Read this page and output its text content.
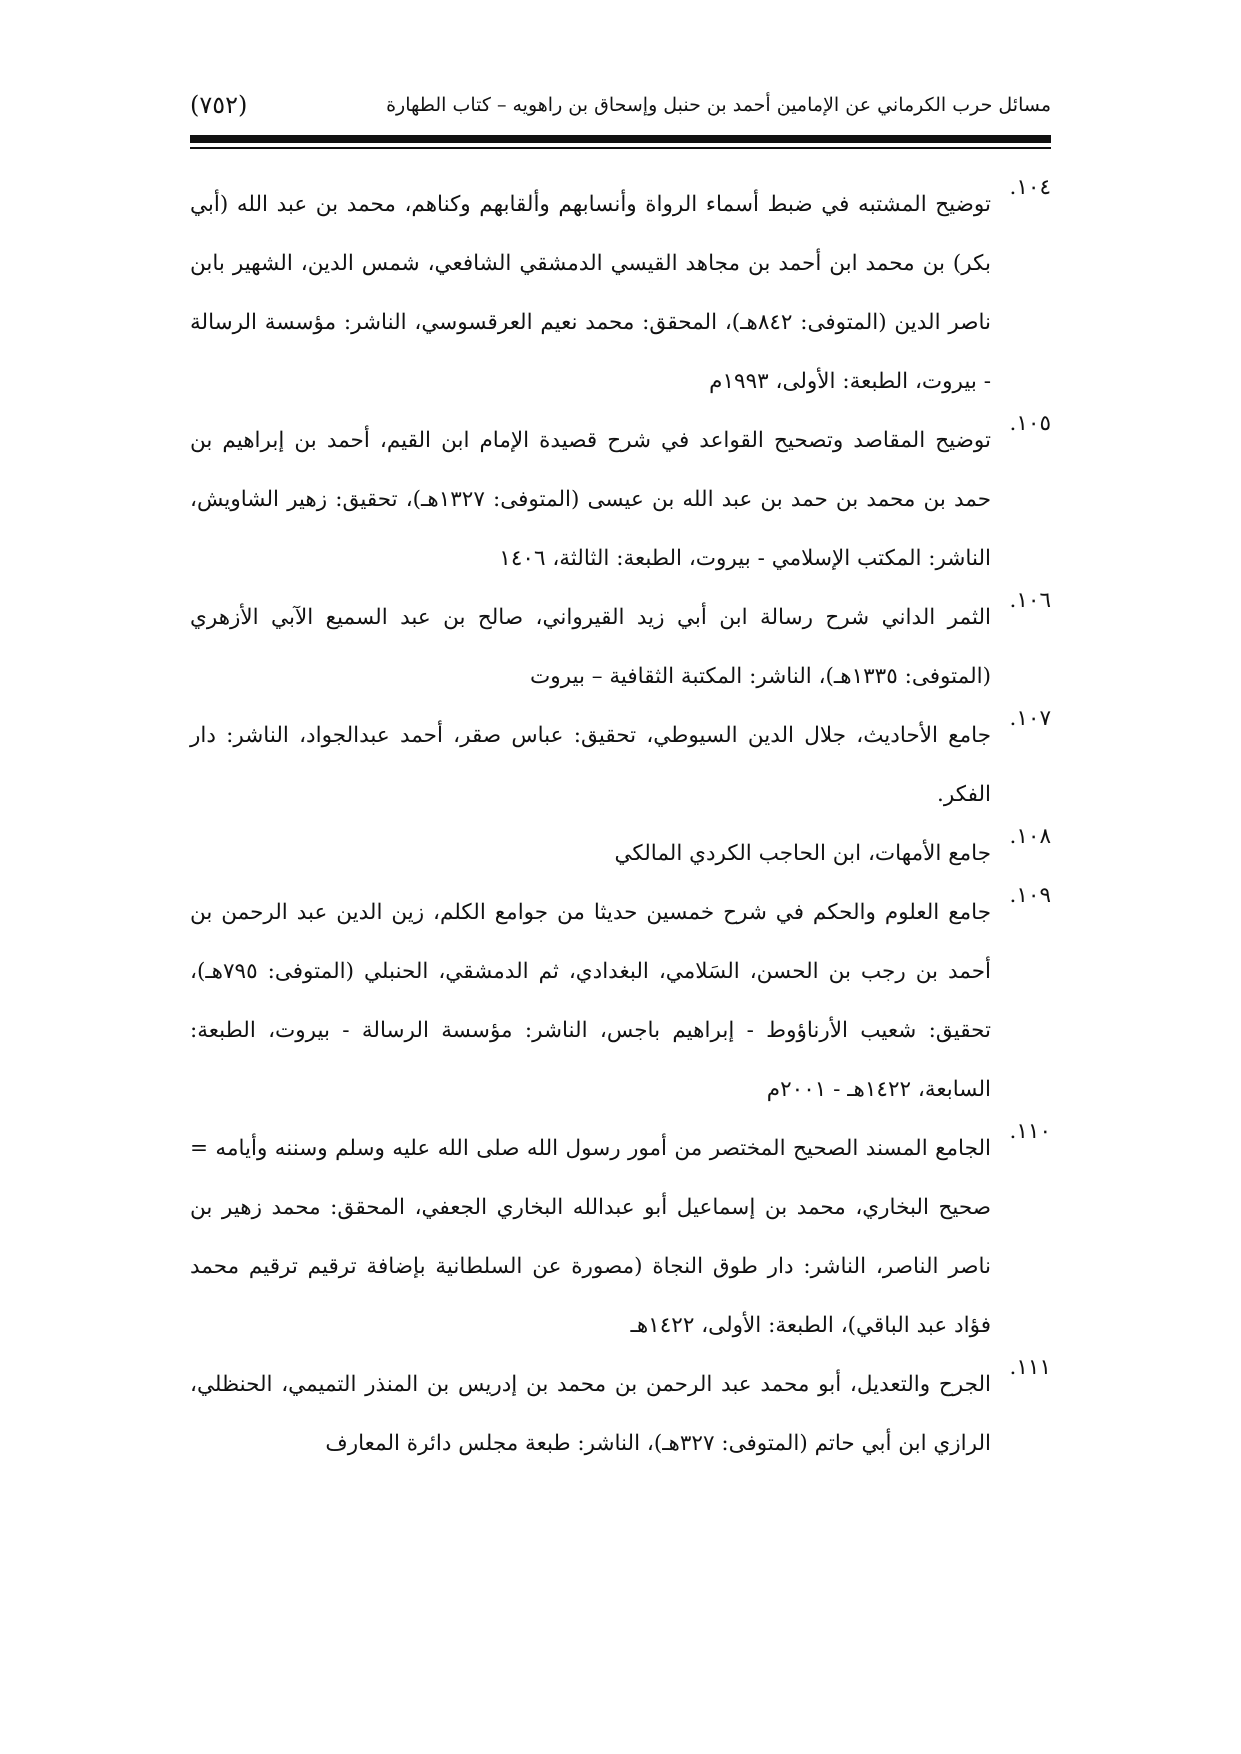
مسائل حرب الكرماني عن الإمامين أحمد بن حنبل وإسحاق بن راهويه – كتاب الطهارة
(٧٥٢)
١٠٤.
توضيح المشتبه في ضبط أسماء الرواة وأنسابهم وألقابهم وكناهم، محمد بن عبد الله (أبي بكر) بن محمد ابن أحمد بن مجاهد القيسي الدمشقي الشافعي، شمس الدين، الشهير بابن ناصر الدين (المتوفى: ٨٤٢هـ)، المحقق: محمد نعيم العرقسوسي، الناشر: مؤسسة الرسالة - بيروت، الطبعة: الأولى، ١٩٩٣م
١٠٥.
توضيح المقاصد وتصحيح القواعد في شرح قصيدة الإمام ابن القيم، أحمد بن إبراهيم بن حمد بن محمد بن حمد بن عبد الله بن عيسى (المتوفى: ١٣٢٧هـ)، تحقيق: زهير الشاويش، الناشر: المكتب الإسلامي - بيروت، الطبعة: الثالثة، ١٤٠٦
١٠٦.
الثمر الداني شرح رسالة ابن أبي زيد القيرواني، صالح بن عبد السميع الآبي الأزهري (المتوفى: ١٣٣٥هـ)، الناشر: المكتبة الثقافية – بيروت
١٠٧.
جامع الأحاديث، جلال الدين السيوطي، تحقيق: عباس صقر، أحمد عبدالجواد، الناشر: دار الفكر.
١٠٨.
جامع الأمهات، ابن الحاجب الكردي المالكي
١٠٩.
جامع العلوم والحكم في شرح خمسين حديثا من جوامع الكلم، زين الدين عبد الرحمن بن أحمد بن رجب بن الحسن، السَلامي، البغدادي، ثم الدمشقي، الحنبلي (المتوفى: ٧٩٥هـ)، تحقيق: شعيب الأرناؤوط - إبراهيم باجس، الناشر: مؤسسة الرسالة - بيروت، الطبعة: السابعة، ١٤٢٢هـ - ٢٠٠١م
١١٠.
الجامع المسند الصحيح المختصر من أمور رسول الله صلى الله عليه وسلم وسننه وأيامه = صحيح البخاري، محمد بن إسماعيل أبو عبدالله البخاري الجعفي، المحقق: محمد زهير بن ناصر الناصر، الناشر: دار طوق النجاة (مصورة عن السلطانية بإضافة ترقيم ترقيم محمد فؤاد عبد الباقي)، الطبعة: الأولى، ١٤٢٢هـ
١١١.
الجرح والتعديل، أبو محمد عبد الرحمن بن محمد بن إدريس بن المنذر التميمي، الحنظلي، الرازي ابن أبي حاتم (المتوفى: ٣٢٧هـ)، الناشر: طبعة مجلس دائرة المعارف
